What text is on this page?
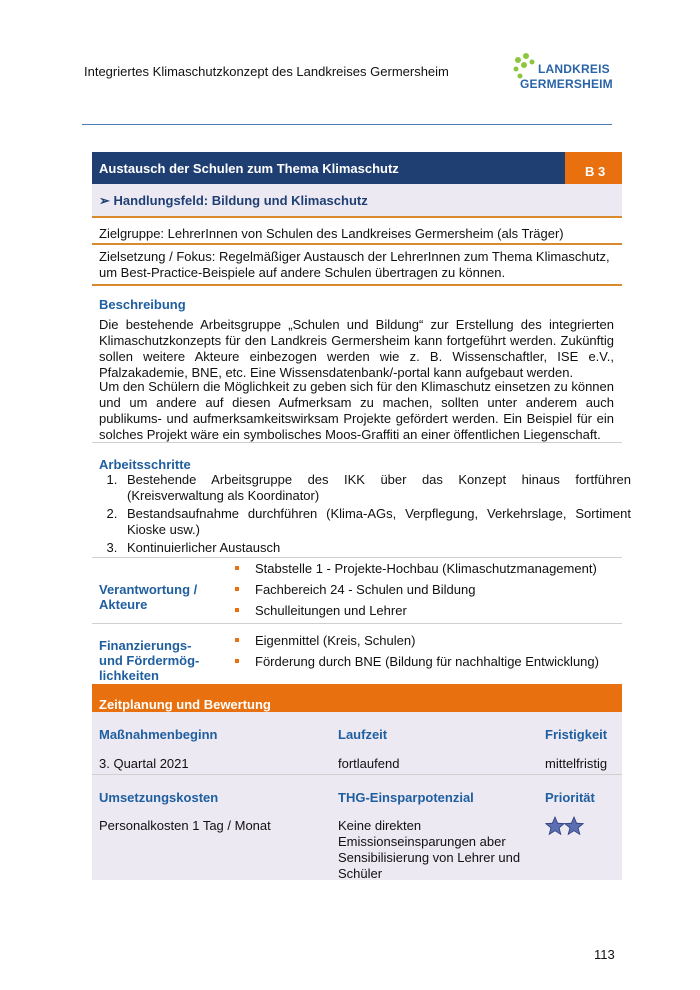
Integriertes Klimaschutzkonzept des Landkreises Germersheim	LANDKREIS
GERMERSHEIM
Austausch der Schulen zum Thema Klimaschutz	B 3
➢ Handlungsfeld: Bildung und Klimaschutz
Zielgruppe: LehrerInnen von Schulen des Landkreises Germersheim (als Träger)
Zielsetzung / Fokus: Regelmäßiger Austausch der LehrerInnen zum Thema Klimaschutz,
um Best-Practice-Beispiele auf andere Schulen übertragen zu können.
Beschreibung
Die bestehende Arbeitsgruppe „Schulen und Bildung“ zur Erstellung des integrierten Klimaschutzkonzepts für den Landkreis Germersheim kann fortgeführt werden. Zukünftig sollen weitere Akteure einbezogen werden wie z. B. Wissenschaftler, ISE e.V., Pfalzakademie, BNE, etc. Eine Wissensdatenbank/-portal kann aufgebaut werden.
Um den Schülern die Möglichkeit zu geben sich für den Klimaschutz einsetzen zu können und um andere auf diesen Aufmerksam zu machen, sollten unter anderem auch publikums- und aufmerksamkeitswirksam Projekte gefördert werden. Ein Beispiel für ein solches Projekt wäre ein symbolisches Moos-Graffiti an einer öffentlichen Liegenschaft.
Arbeitsschritte
1. Bestehende Arbeitsgruppe des IKK über das Konzept hinaus fortführen (Kreisverwaltung als Koordinator)
2. Bestandsaufnahme durchführen (Klima-AGs, Verpflegung, Verkehrslage, Sortiment Kioske usw.)
3. Kontinuierlicher Austausch
Verantwortung /
Akteure
Stabstelle 1 - Projekte-Hochbau (Klimaschutzmanagement)
Fachbereich 24 - Schulen und Bildung
Schulleitungen und Lehrer
Finanzierungs-
und Fördermög-
lichkeiten
Eigenmittel (Kreis, Schulen)
Förderung durch BNE (Bildung für nachhaltige Entwicklung)
Zeitplanung und Bewertung
Maßnahmenbeginn	Laufzeit	Fristigkeit
3. Quartal 2021	fortlaufend	mittelfristig
Umsetzungskosten	THG-Einsparpotenzial	Priorität
Personalkosten 1 Tag / Monat	Keine direkten
Emissionseinsparungen aber
Sensibilisierung von Lehrer und
Schüler
113
